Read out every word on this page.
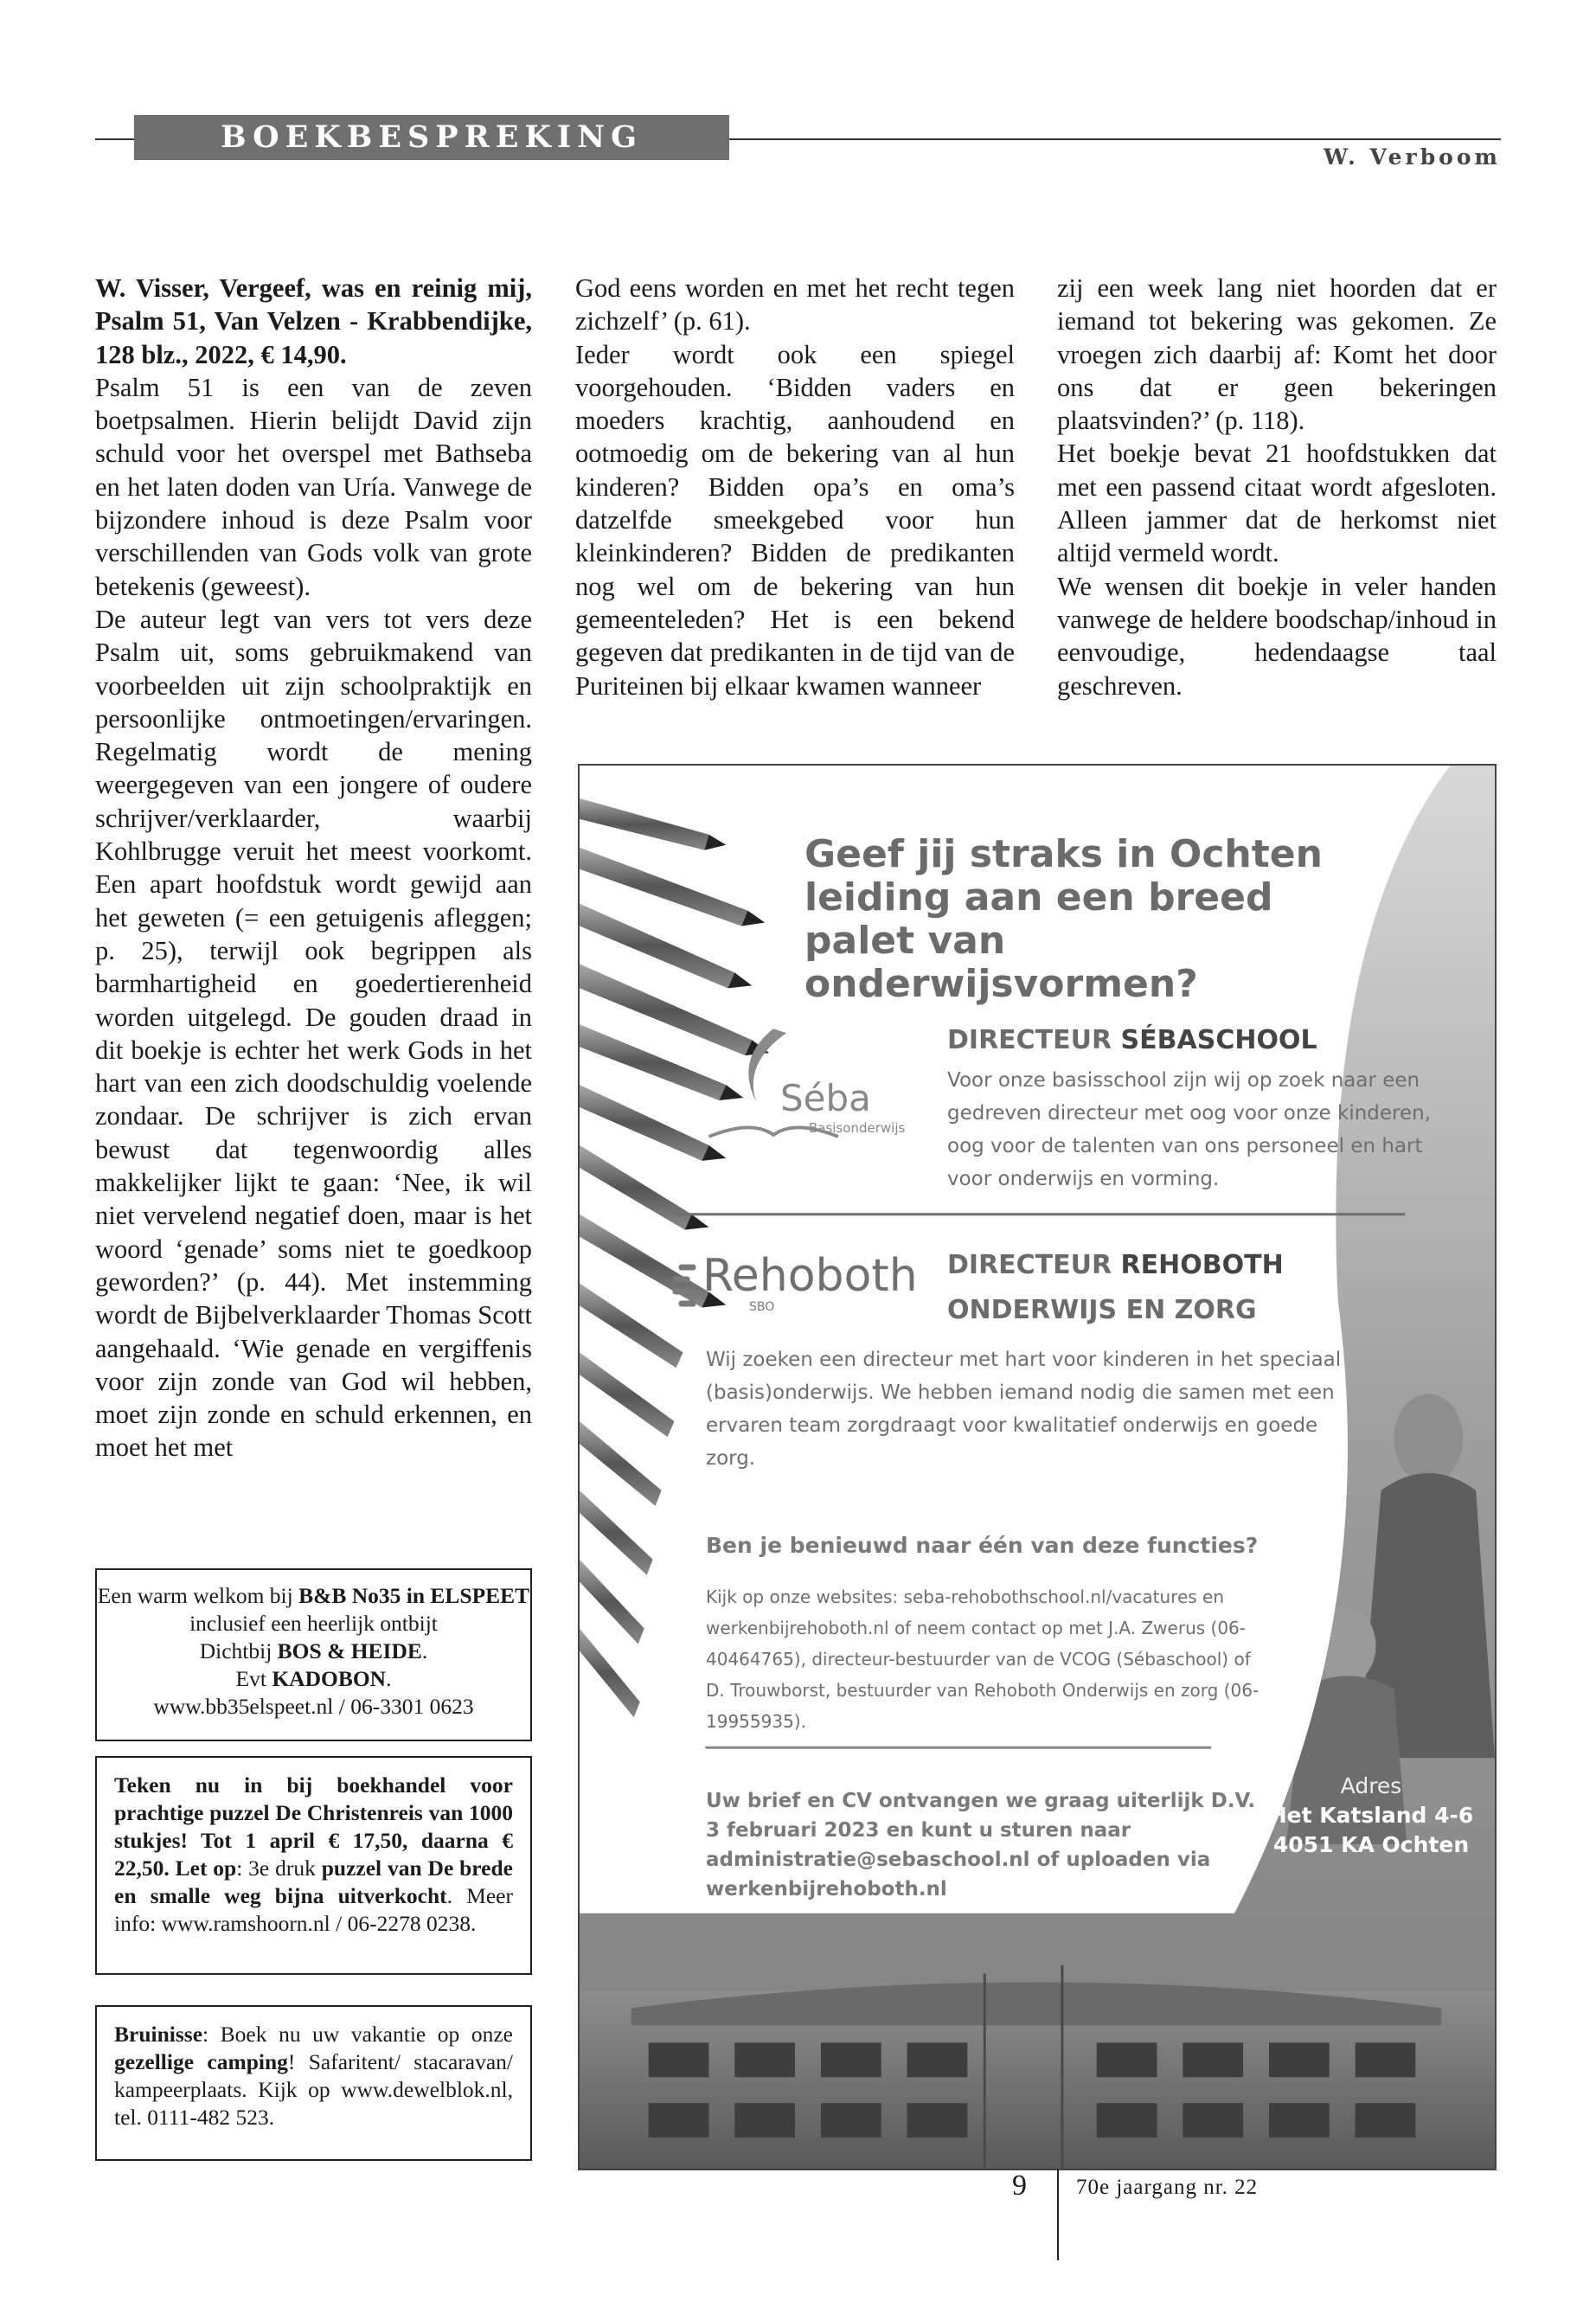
BOEKBESPREKING
W. Verboom

W. Visser, Vergeef, was en reinig mij, Psalm 51, Van Velzen - Krabbendijke, 128 blz., 2022, € 14,90.

Psalm 51 is een van de zeven boetpsalmen. Hierin belijdt David zijn schuld voor het overspel met Bathseba en het laten doden van Uría. Vanwege de bijzondere inhoud is deze Psalm voor verschillenden van Gods volk van grote betekenis (geweest).

De auteur legt van vers tot vers deze Psalm uit, soms gebruikmakend van voorbeelden uit zijn schoolpraktijk en persoonlijke ontmoetingen/ervaringen. Regelmatig wordt de mening weergegeven van een jongere of oudere schrijver/verklaarder, waarbij Kohlbrugge veruit het meest voorkomt. Een apart hoofdstuk wordt gewijd aan het geweten (= een getuigenis afleggen; p. 25), terwijl ook begrippen als barmhartigheid en goedertierenheid worden uitgelegd. De gouden draad in dit boekje is echter het werk Gods in het hart van een zich doodschuldig voelende zondaar. De schrijver is zich ervan bewust dat tegenwoordig alles makkelijker lijkt te gaan: ‘Nee, ik wil niet vervelend negatief doen, maar is het woord ‘genade’ soms niet te goedkoop geworden?’ (p. 44). Met instemming wordt de Bijbelverklaarder Thomas Scott aangehaald. ‘Wie genade en vergiffenis voor zijn zonde van God wil hebben, moet zijn zonde en schuld erkennen, en moet het met

God eens worden en met het recht tegen zichzelf’ (p. 61).

Ieder wordt ook een spiegel voorgehouden. ‘Bidden vaders en moeders krachtig, aanhoudend en ootmoedig om de bekering van al hun kinderen? Bidden opa’s en oma’s datzelfde smeekgebed voor hun kleinkinderen? Bidden de predikanten nog wel om de bekering van hun gemeenteleden? Het is een bekend gegeven dat predikanten in de tijd van de Puriteinen bij elkaar kwamen wanneer

zij een week lang niet hoorden dat er iemand tot bekering was gekomen. Ze vroegen zich daarbij af: Komt het door ons dat er geen bekeringen plaatsvinden?’ (p. 118).

Het boekje bevat 21 hoofdstukken dat met een passend citaat wordt afgesloten. Alleen jammer dat de herkomst niet altijd vermeld wordt.

We wensen dit boekje in veler handen vanwege de heldere boodschap/inhoud in eenvoudige, hedendaagse taal geschreven.

Een warm welkom bij B&B No35 in ELSPEET inclusief een heerlijk ontbijt

Dichtbij BOS & HEIDE.

Evt KADOBON.

www.bb35elspeet.nl / 06-3301 0623

Teken nu in bij boekhandel voor prachtige puzzel De Christenreis van 1000 stukjes! Tot 1 april € 17,50, daarna € 22,50. Let op: 3e druk puzzel van De brede en smalle weg bijna uitverkocht. Meer info: www.ramshoorn.nl / 06-2278 0238.

Bruinisse: Boek nu uw vakantie op onze gezellige camping! Safaritent/ stacaravan/ kampeerplaats. Kijk op www.dewelblok.nl, tel. 0111-482 523.

Geef jij straks in Ochten leiding aan een breed palet van onderwijsvormen?
Séba
Basisonderwijs
DIRECTEUR SÉBASCHOOL
Voor onze basisschool zijn wij op zoek naar een gedreven directeur met oog voor onze kinderen, oog voor de talenten van ons personeel en hart voor onderwijs en vorming.
Rehoboth
SBO
DIRECTEUR REHOBOTH
ONDERWIJS EN ZORG
Wij zoeken een directeur met hart voor kinderen in het speciaal (basis)onderwijs. We hebben iemand nodig die samen met een ervaren team zorgdraagt voor kwalitatief onderwijs en goede zorg.
Ben je benieuwd naar één van deze functies?
Kijk op onze websites: seba-rehobothschool.nl/vacatures en werkenbijrehoboth.nl of neem contact op met J.A. Zwerus (06-40464765), directeur-bestuurder van de VCOG (Sébaschool) of D. Trouwborst, bestuurder van Rehoboth Onderwijs en zorg (06-19955935).
Uw brief en CV ontvangen we graag uiterlijk D.V. 3 februari 2023 en kunt u sturen naar administratie@sebaschool.nl of uploaden via werkenbijrehoboth.nl
Adres
Het Katsland 4-6
4051 KA Ochten
9 70e jaargang nr. 22
